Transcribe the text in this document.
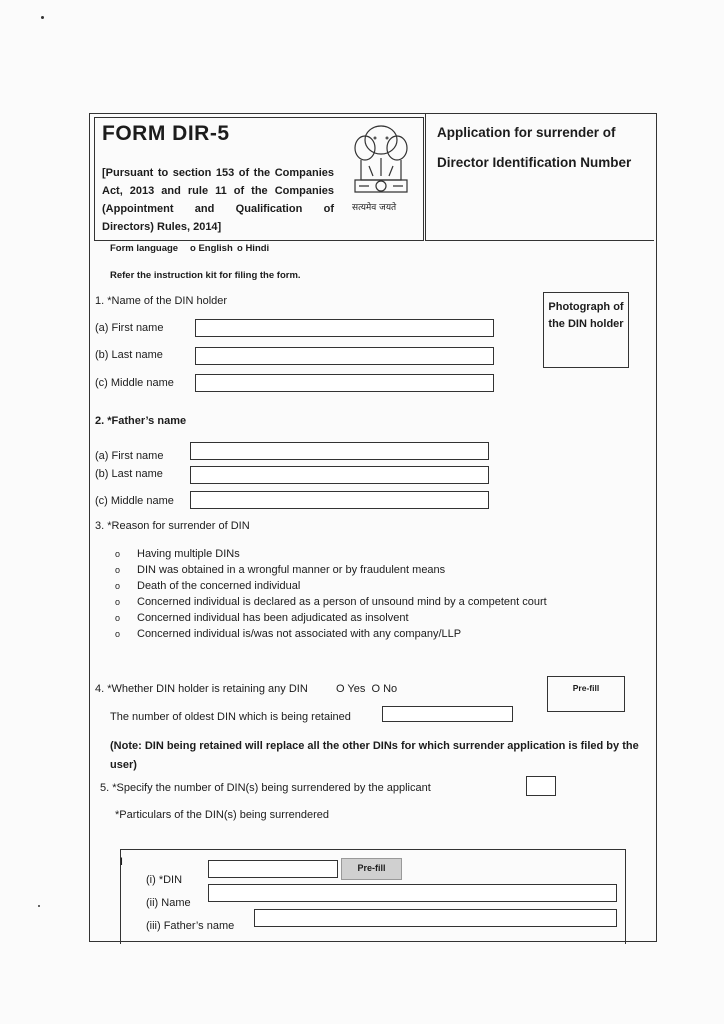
FORM DIR-5
[Pursuant to section 153 of the Companies Act, 2013 and rule 11 of the Companies (Appointment and Qualification of Directors) Rules, 2014]
सत्यमेव जयते
Application for surrender of Director Identification Number
Form language o English o Hindi
Refer the instruction kit for filing the form.
Photograph of the DIN holder
1. *Name of the DIN holder
(a) First name
(b) Last name
(c) Middle name
2. *Father’s name
(a) First name
(b) Last name
(c) Middle name
3. *Reason for surrender of DIN
o	Having multiple DINs
o	DIN was obtained in a wrongful manner or by fraudulent means
o	Death of the concerned individual
o	Concerned individual is declared as a person of unsound mind by a competent court
o	Concerned individual has been adjudicated as insolvent
o	Concerned individual is/was not associated with any company/LLP
4. *Whether DIN holder is retaining any DIN	O Yes  O No	Pre-fill
The number of oldest DIN which is being retained
(Note: DIN being retained will replace all the other DINs for which surrender application is filed by the user)
5. *Specify the number of DIN(s) being surrendered by the applicant
*Particulars of the DIN(s) being surrendered
I
(i) *DIN
Pre-fill
(ii) Name
(iii) Father’s name
